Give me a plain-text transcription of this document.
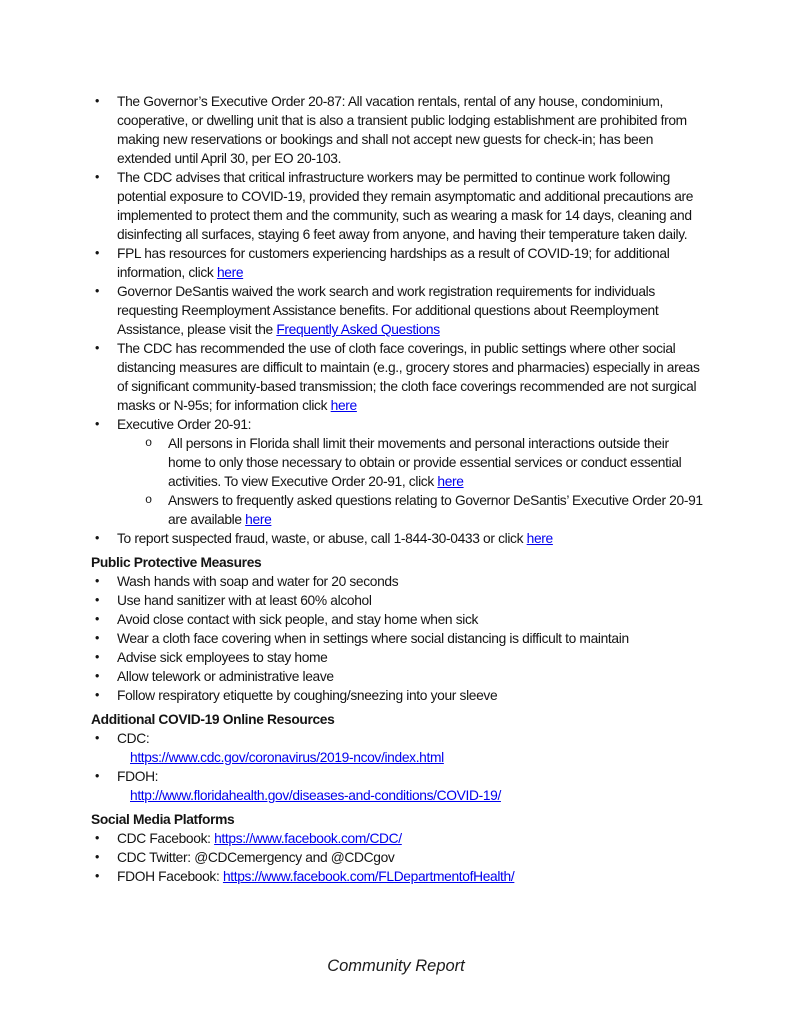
•	The Governor’s Executive Order 20-87: All vacation rentals, rental of any house, condominium, cooperative, or dwelling unit that is also a transient public lodging establishment are prohibited from making new reservations or bookings and shall not accept new guests for check-in; has been extended until April 30, per EO 20-103.
•	The CDC advises that critical infrastructure workers may be permitted to continue work following potential exposure to COVID-19, provided they remain asymptomatic and additional precautions are implemented to protect them and the community, such as wearing a mask for 14 days, cleaning and disinfecting all surfaces, staying 6 feet away from anyone, and having their temperature taken daily.
•	FPL has resources for customers experiencing hardships as a result of COVID-19; for additional information, click here
•	Governor DeSantis waived the work search and work registration requirements for individuals requesting Reemployment Assistance benefits. For additional questions about Reemployment Assistance, please visit the Frequently Asked Questions
•	The CDC has recommended the use of cloth face coverings, in public settings where other social distancing measures are difficult to maintain (e.g., grocery stores and pharmacies) especially in areas of significant community-based transmission; the cloth face coverings recommended are not surgical masks or N-95s; for information click here
•	Executive Order 20-91:
o	All persons in Florida shall limit their movements and personal interactions outside their home to only those necessary to obtain or provide essential services or conduct essential activities. To view Executive Order 20-91, click here
o	Answers to frequently asked questions relating to Governor DeSantis’ Executive Order 20-91 are available here
•	To report suspected fraud, waste, or abuse, call 1-844-30-0433 or click here
Public Protective Measures
•	Wash hands with soap and water for 20 seconds
•	Use hand sanitizer with at least 60% alcohol
•	Avoid close contact with sick people, and stay home when sick
•	Wear a cloth face covering when in settings where social distancing is difficult to maintain
•	Advise sick employees to stay home
•	Allow telework or administrative leave
•	Follow respiratory etiquette by coughing/sneezing into your sleeve
Additional COVID-19 Online Resources
•	CDC:
https://www.cdc.gov/coronavirus/2019-ncov/index.html
•	FDOH:
http://www.floridahealth.gov/diseases-and-conditions/COVID-19/
Social Media Platforms
•	CDC Facebook: https://www.facebook.com/CDC/
•	CDC Twitter: @CDCemergency and @CDCgov
•	FDOH Facebook: https://www.facebook.com/FLDepartmentofHealth/
Community Report
